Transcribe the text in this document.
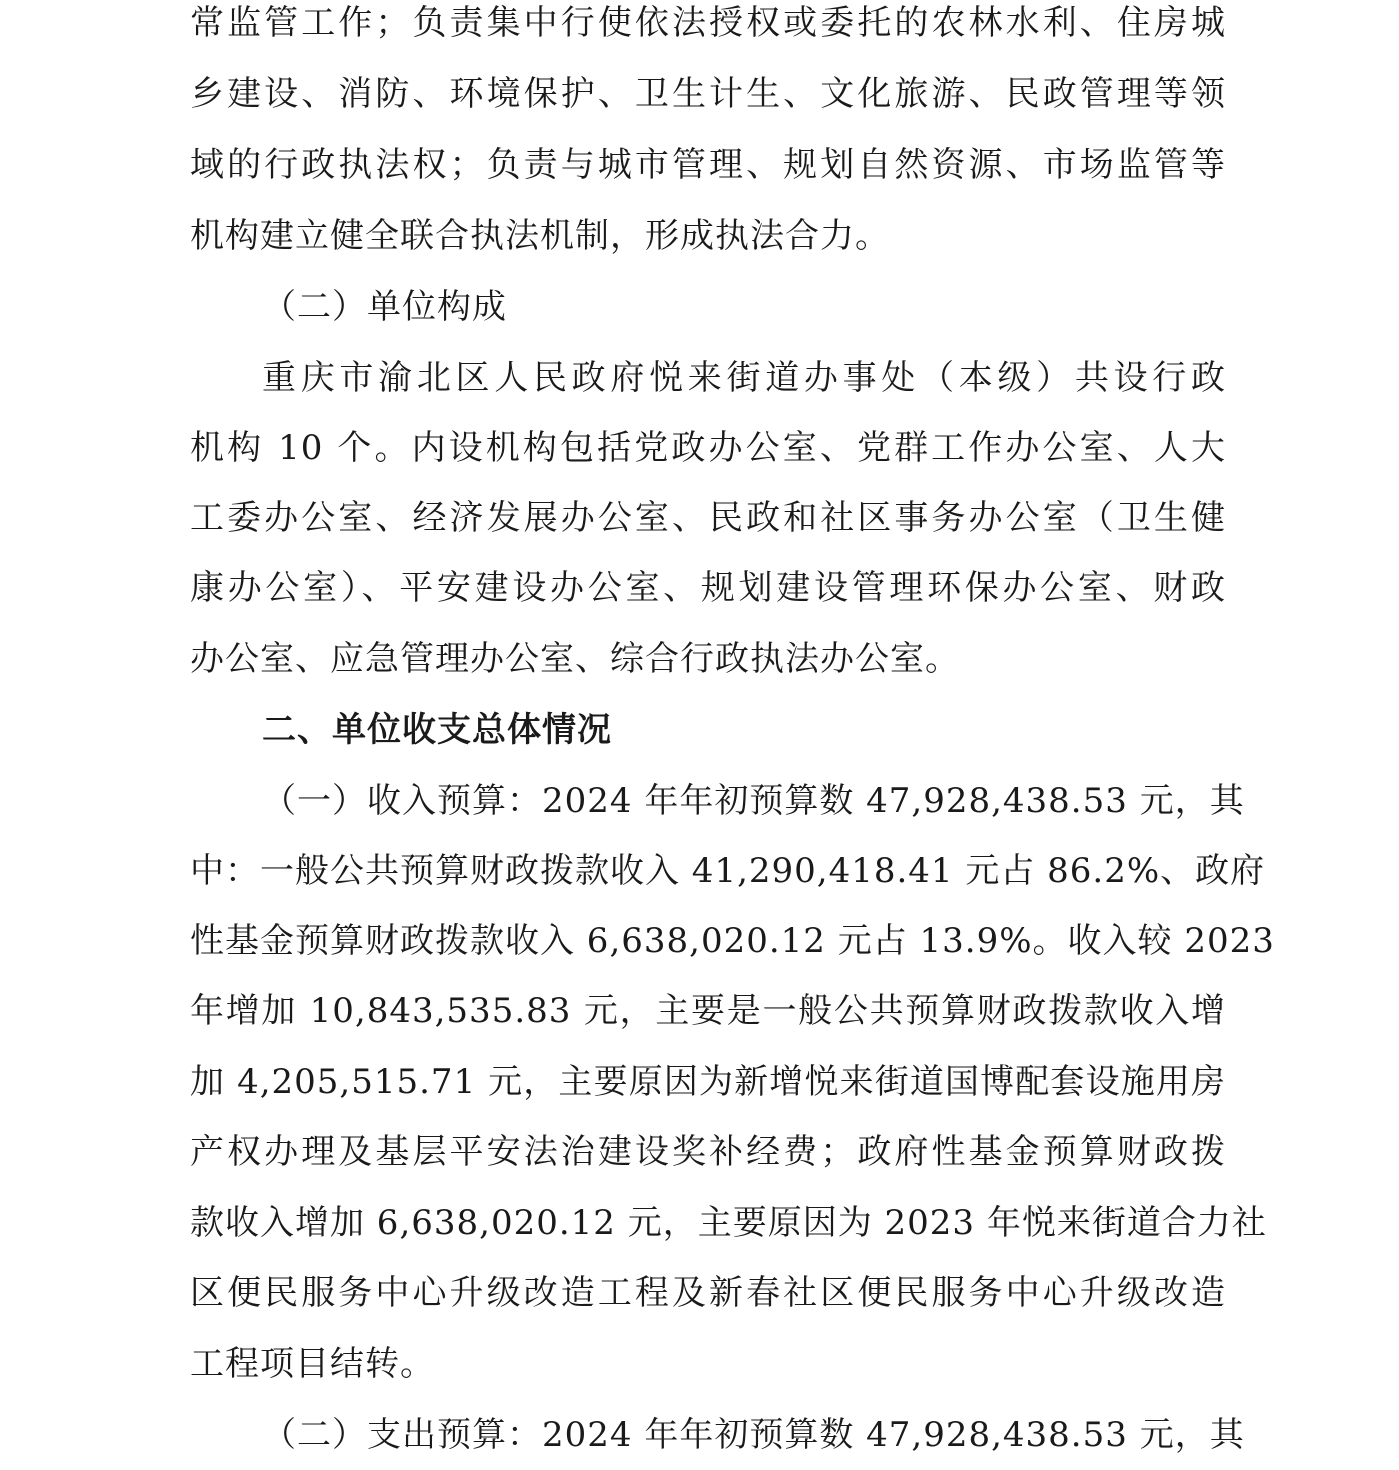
常监管工作；负责集中行使依法授权或委托的农林水利、住房城
乡建设、消防、环境保护、卫生计生、文化旅游、民政管理等领
域的行政执法权；负责与城市管理、规划自然资源、市场监管等
机构建立健全联合执法机制，形成执法合力。
（二）单位构成
重庆市渝北区人民政府悦来街道办事处（本级）共设行政
机构 10 个。内设机构包括党政办公室、党群工作办公室、人大
工委办公室、经济发展办公室、民政和社区事务办公室（卫生健
康办公室）、平安建设办公室、规划建设管理环保办公室、财政
办公室、应急管理办公室、综合行政执法办公室。
二、单位收支总体情况
（一）收入预算：2024 年年初预算数 47,928,438.53 元，其
中：一般公共预算财政拨款收入 41,290,418.41 元占 86.2%、政府
性基金预算财政拨款收入 6,638,020.12 元占 13.9%。收入较 2023
年增加 10,843,535.83 元，主要是一般公共预算财政拨款收入增
加 4,205,515.71 元，主要原因为新增悦来街道国博配套设施用房
产权办理及基层平安法治建设奖补经费；政府性基金预算财政拨
款收入增加 6,638,020.12 元，主要原因为 2023 年悦来街道合力社
区便民服务中心升级改造工程及新春社区便民服务中心升级改造
工程项目结转。
（二）支出预算：2024 年年初预算数 47,928,438.53 元，其
